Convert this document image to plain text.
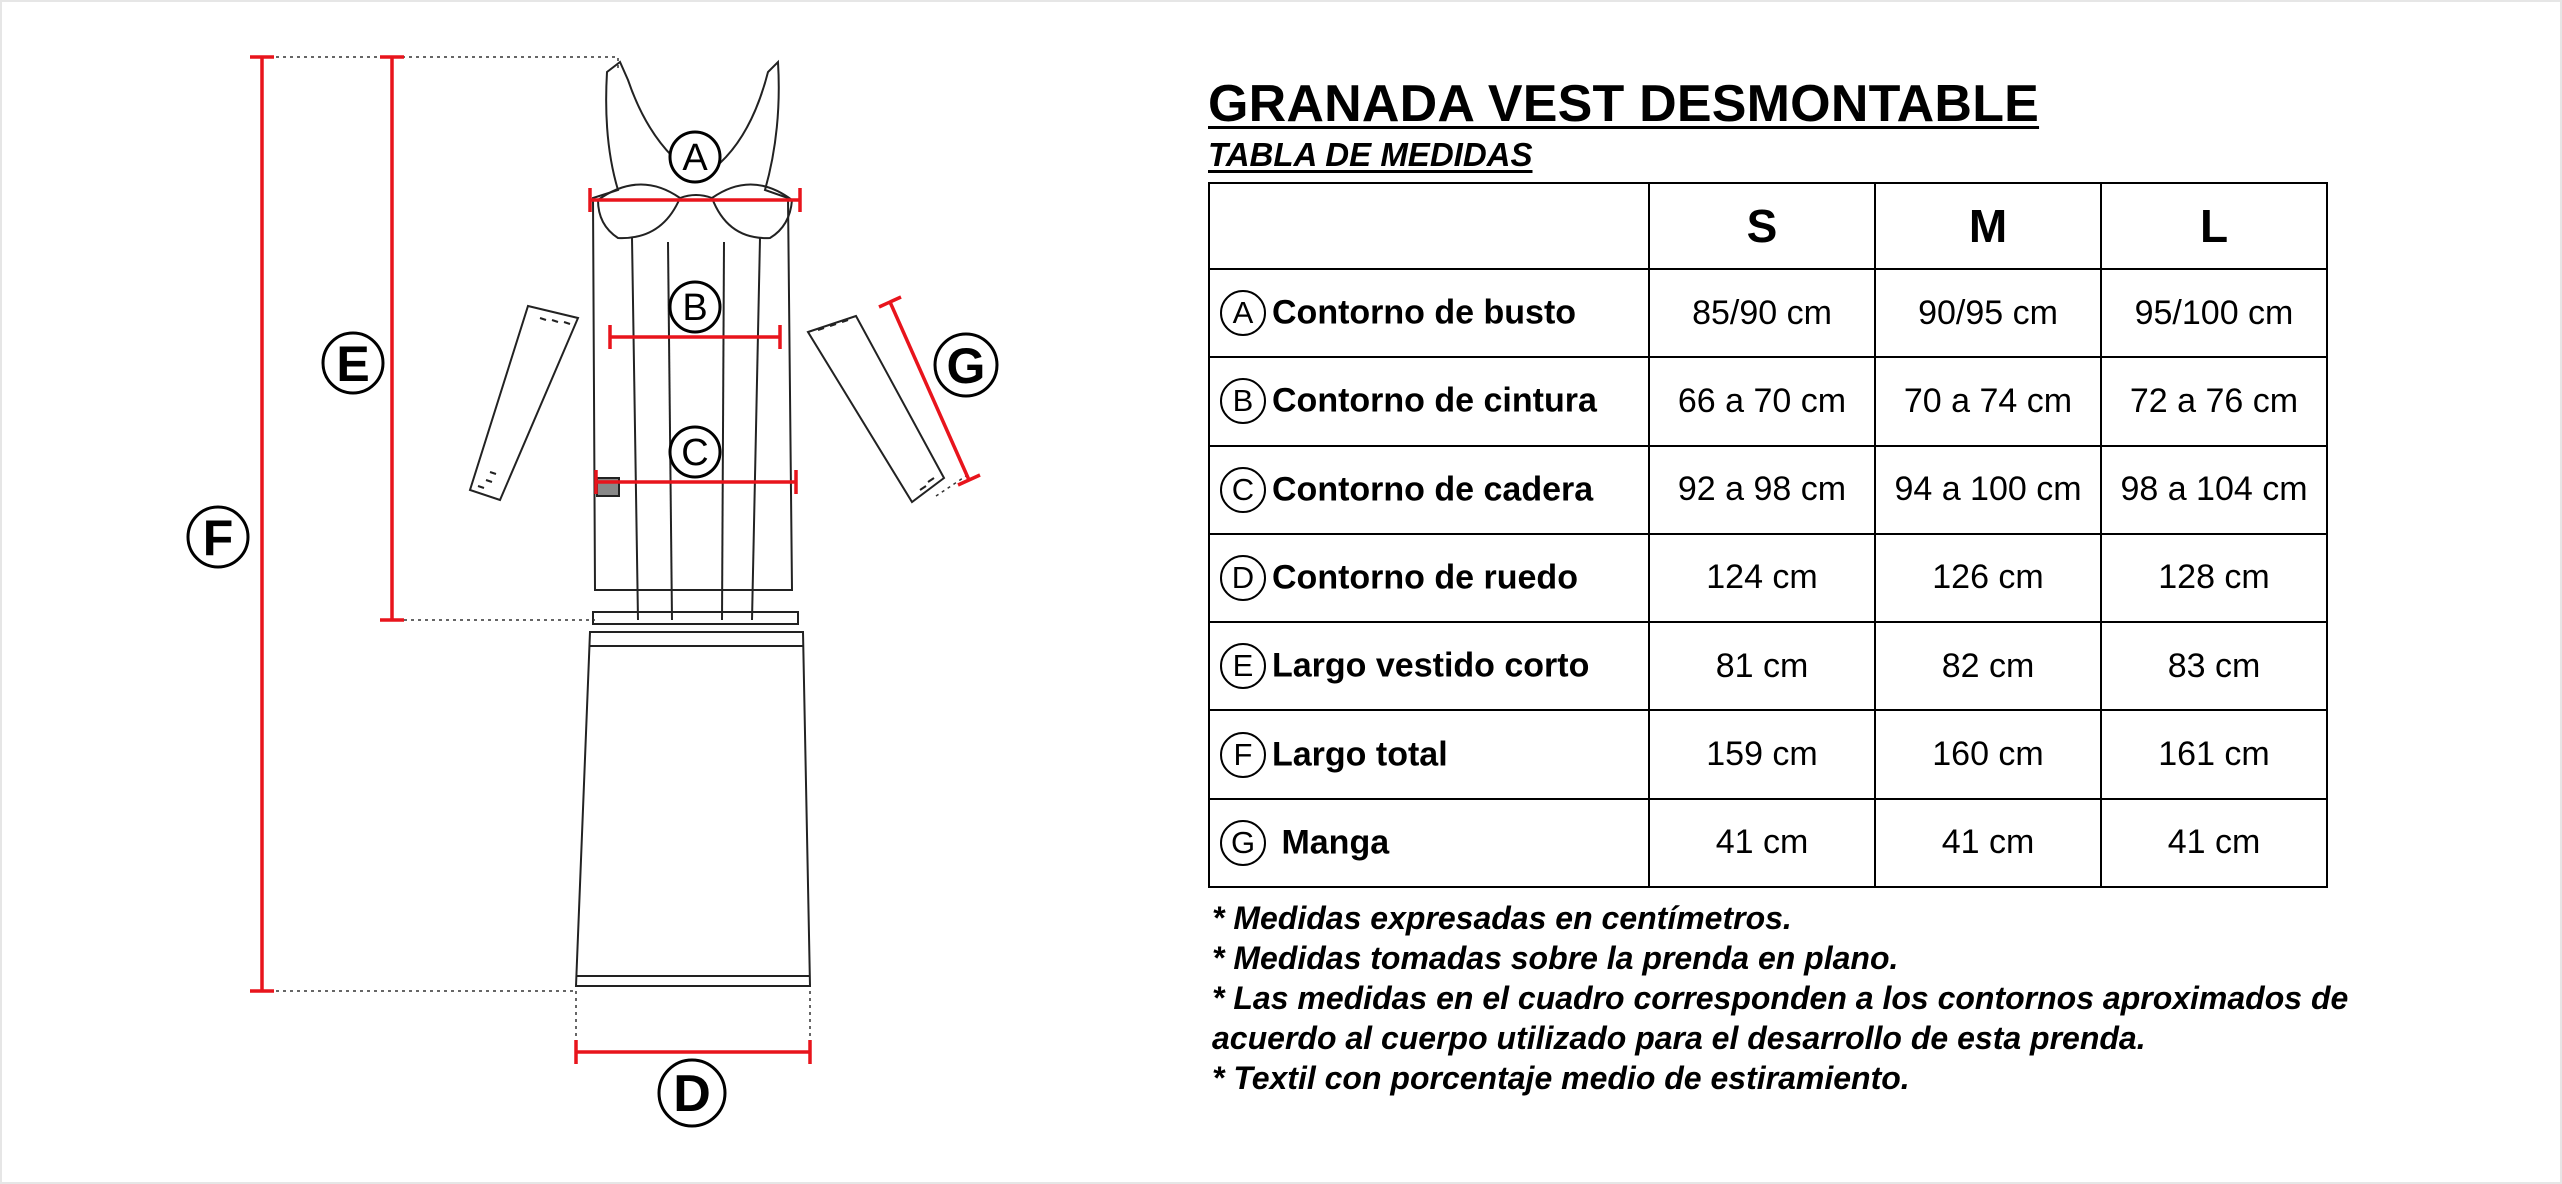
A
B
C
D
E
F
G
GRANADA VEST DESMONTABLE
TABLA DE MEDIDAS
	S	M	L
A Contorno de busto	85/90 cm	90/95 cm	95/100 cm
B Contorno de cintura	66 a 70 cm	70 a 74 cm	72 a 76 cm
C Contorno de cadera	92 a 98 cm	94 a 100 cm	98 a 104 cm
D Contorno de ruedo	124 cm	126 cm	128 cm
E Largo vestido corto	81 cm	82 cm	83 cm
F Largo total	159 cm	160 cm	161 cm
G Manga	41 cm	41 cm	41 cm

* Medidas expresadas en centímetros.

* Medidas tomadas sobre la prenda en plano.

* Las medidas en el cuadro corresponden a los contornos aproximados de acuerdo al cuerpo utilizado para el desarrollo de esta prenda.

* Textil con porcentaje medio de estiramiento.
